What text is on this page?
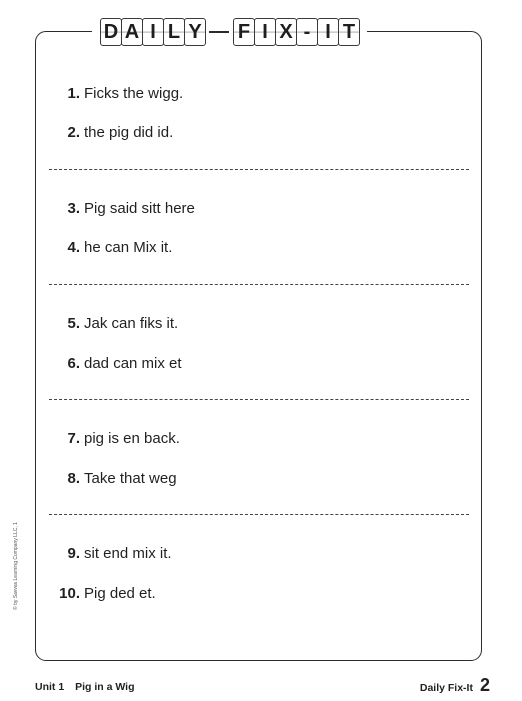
D A I L Y F I X - I T
1. Ficks the wigg.
2. the pig did id.
3. Pig said sitt here
4. he can Mix it.
5. Jak can fiks it.
6. dad can mix et
7. pig is en back.
8. Take that weg
9. sit end mix it.
10. Pig ded et.
© by Savvas Learning Company LLC, 1
Unit 1 Pig in a Wig	Daily Fix-It 2
